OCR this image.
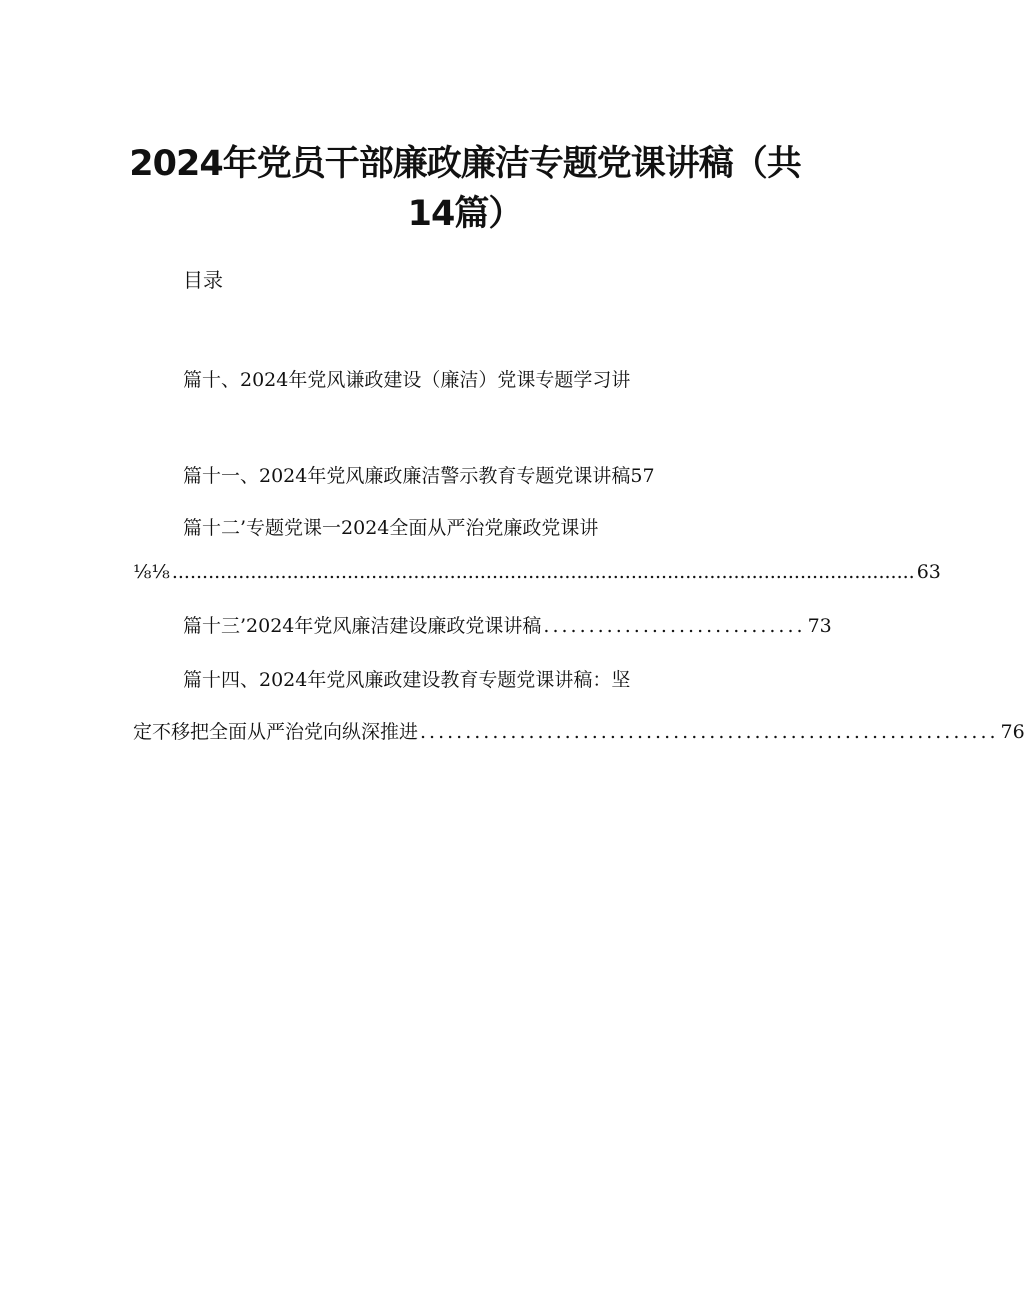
2024年党员干部廉政廉洁专题党课讲稿（共
14篇）
目录
篇十、2024年党风谦政建设（廉洁）党课专题学习讲
篇十一、2024年党风廉政廉洁警示教育专题党课讲稿57
篇十二’专题党课一2024全面从严治党廉政党课讲
⅛⅛ ........................................................................................................................... 63
篇十三’2024年党风廉洁建设廉政党课讲稿 ............................. 73
篇十四、2024年党风廉政建设教育专题党课讲稿：坚
定不移把全面从严治党向纵深推进 ................................................................ 76
